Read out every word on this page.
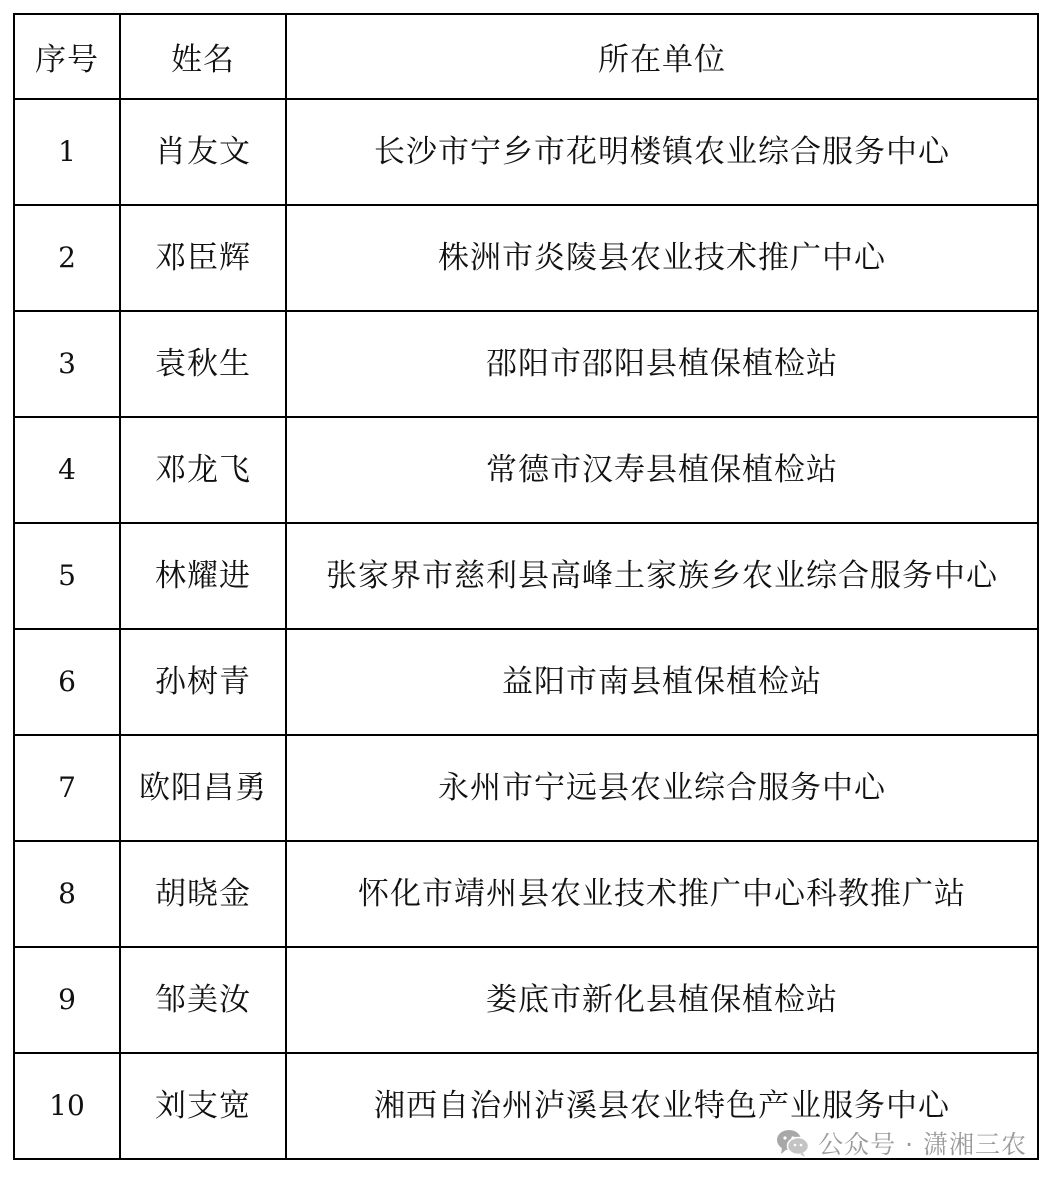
序号	姓名	所在单位
1	肖友文	长沙市宁乡市花明楼镇农业综合服务中心
2	邓臣辉	株洲市炎陵县农业技术推广中心
3	袁秋生	邵阳市邵阳县植保植检站
4	邓龙飞	常德市汉寿县植保植检站
5	林耀进	张家界市慈利县高峰土家族乡农业综合服务中心
6	孙树青	益阳市南县植保植检站
7	欧阳昌勇	永州市宁远县农业综合服务中心
8	胡晓金	怀化市靖州县农业技术推广中心科教推广站
9	邹美汝	娄底市新化县植保植检站
10	刘支宽	湘西自治州泸溪县农业特色产业服务中心
公众号 · 潇湘三农
